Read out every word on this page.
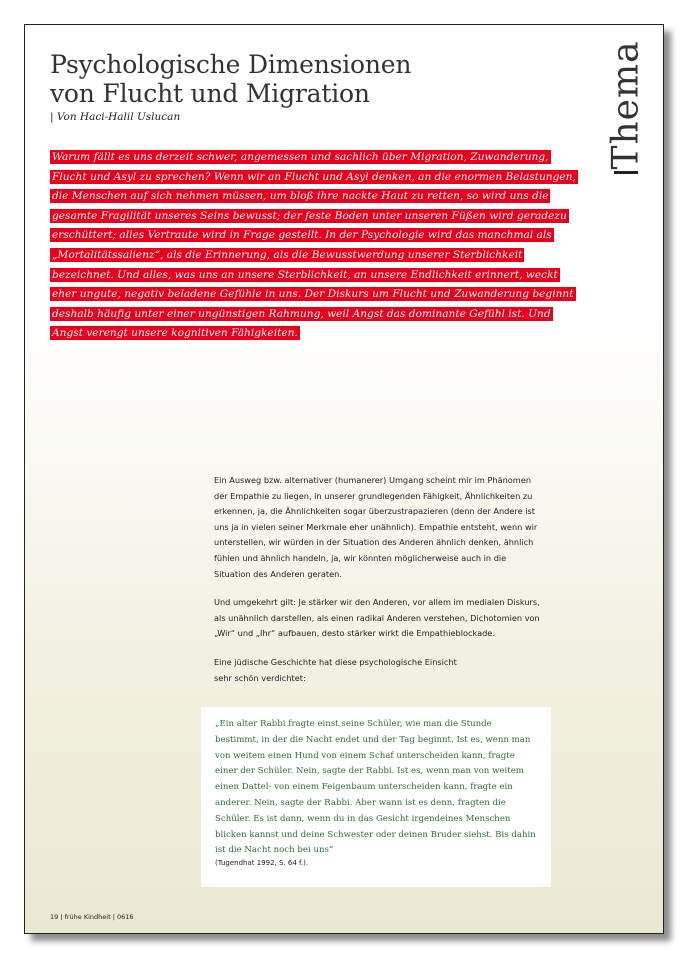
Psychologische Dimensionen
von Flucht und Migration
| Von Haci-Halil Uslucan	Thema

Warum fällt es uns derzeit schwer, angemessen und sachlich über Migration, Zuwanderung, Flucht und Asyl zu sprechen? Wenn wir an Flucht und Asyl denken, an die enormen Belastungen, die Menschen auf sich nehmen müssen, um bloß ihre nackte Haut zu retten, so wird uns die gesamte Fragilität unseres Seins bewusst; der feste Boden unter unseren Füßen wird geradezu erschüttert; alles Vertraute wird in Frage gestellt. In der Psychologie wird das manchmal als „Mortalitätssalienz“, als die Erinnerung, als die Bewusstwerdung unserer Sterblichkeit bezeichnet. Und alles, was uns an unsere Sterblichkeit, an unsere Endlichkeit erinnert, weckt eher ungute, negativ beladene Gefühle in uns. Der Diskurs um Flucht und Zuwanderung beginnt deshalb häufig unter einer ungünstigen Rahmung, weil Angst das dominante Gefühl ist. Und Angst verengt unsere kognitiven Fähigkeiten.

Ein Ausweg bzw. alternativer (humanerer) Umgang scheint mir im Phänomen der Empathie zu liegen, in unserer grundlegenden Fähigkeit, Ähnlichkeiten zu erkennen, ja, die Ähnlichkeiten sogar überzustrapazieren (denn der Andere ist uns ja in vielen seiner Merkmale eher unähnlich). Empathie entsteht, wenn wir unterstellen, wir würden in der Situation des Anderen ähnlich denken, ähnlich fühlen und ähnlich handeln, ja, wir könnten möglicherweise auch in die Situation des Anderen geraten.

Und umgekehrt gilt: Je stärker wir den Anderen, vor allem im medialen Diskurs, als unähnlich darstellen, als einen radikal Anderen verstehen, Dichotomien von „Wir“ und „Ihr“ aufbauen, desto stärker wirkt die Empathieblockade.

Eine jüdische Geschichte hat diese psychologische Einsicht sehr schön verdichtet:

„Ein alter Rabbi fragte einst seine Schüler, wie man die Stunde bestimmt, in der die Nacht endet und der Tag beginnt. Ist es, wenn man von weitem einen Hund von einem Schaf unterscheiden kann, fragte einer der Schüler. Nein, sagte der Rabbi. Ist es, wenn man von weitem einen Dattel- von einem Feigenbaum unterscheiden kann, fragte ein anderer. Nein, sagte der Rabbi. Aber wann ist es denn, fragten die Schüler. Es ist dann, wenn du in das Gesicht irgendeines Menschen blicken kannst und deine Schwester oder deinen Bruder siehst. Bis dahin ist die Nacht noch bei uns“

(Tugendhat 1992, S. 64 f.).
19 | frühe Kindheit | 0616
